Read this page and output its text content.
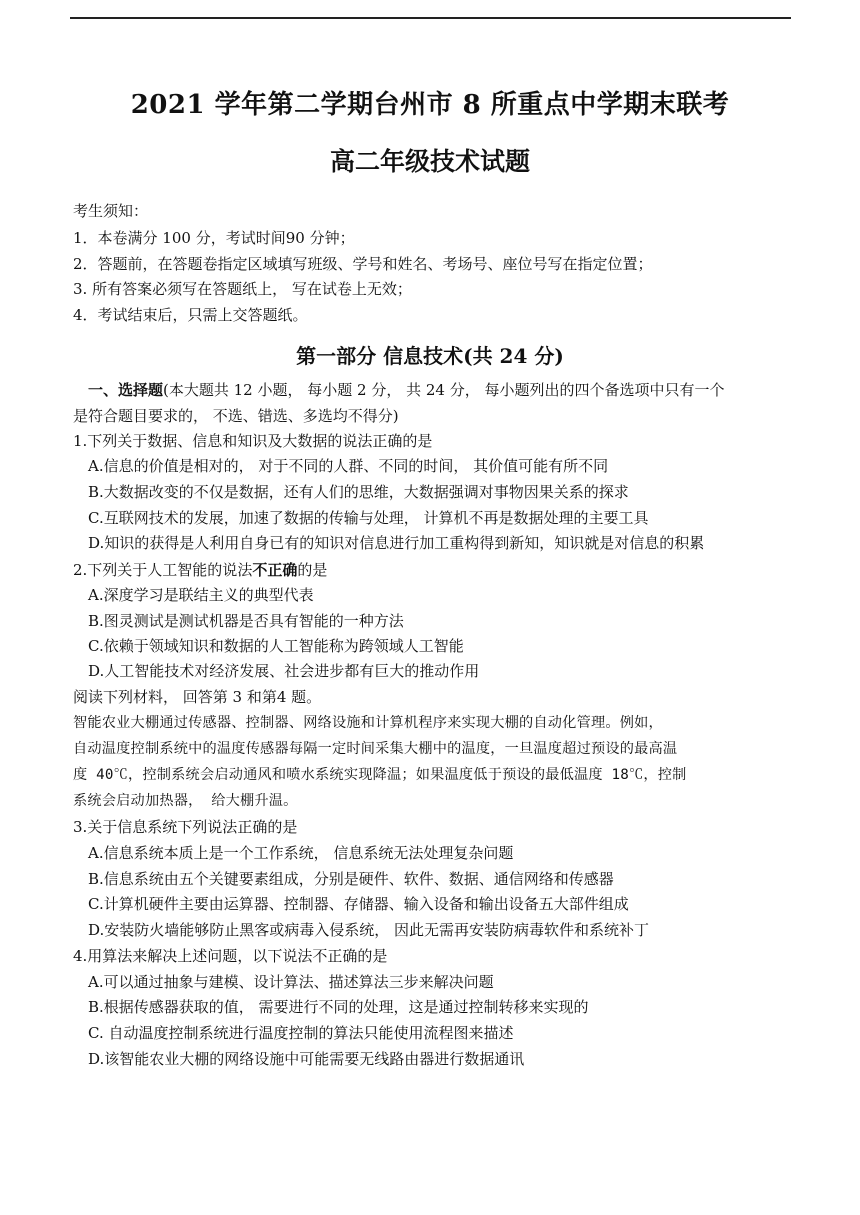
2021 学年第二学期台州市 8 所重点中学期末联考
高二年级技术试题
考生须知：
1．本卷满分 100 分，考试时间90 分钟；
2．答题前，在答题卷指定区域填写班级、学号和姓名、考场号、座位号写在指定位置；
3. 所有答案必须写在答题纸上， 写在试卷上无效；
4．考试结束后，只需上交答题纸。
第一部分 信息技术(共 24 分)
一、选择题(本大题共 12 小题， 每小题 2 分， 共 24 分， 每小题列出的四个备选项中只有一个
是符合题目要求的， 不选、错选、多选均不得分)
1.下列关于数据、信息和知识及大数据的说法正确的是
A.信息的价值是相对的， 对于不同的人群、不同的时间， 其价值可能有所不同
B.大数据改变的不仅是数据，还有人们的思维，大数据强调对事物因果关系的探求
C.互联网技术的发展，加速了数据的传输与处理， 计算机不再是数据处理的主要工具
D.知识的获得是人利用自身已有的知识对信息进行加工重构得到新知，知识就是对信息的积累
2.下列关于人工智能的说法不正确的是
A.深度学习是联结主义的典型代表
B.图灵测试是测试机器是否具有智能的一种方法
C.依赖于领域知识和数据的人工智能称为跨领域人工智能
D.人工智能技术对经济发展、社会进步都有巨大的推动作用
阅读下列材料， 回答第 3 和第4 题。
智能农业大棚通过传感器、控制器、网络设施和计算机程序来实现大棚的自动化管理。例如，
自动温度控制系统中的温度传感器每隔一定时间采集大棚中的温度，一旦温度超过预设的最高温
度 40℃，控制系统会启动通风和喷水系统实现降温；如果温度低于预设的最低温度 18℃，控制
系统会启动加热器， 给大棚升温。
3.关于信息系统下列说法正确的是
A.信息系统本质上是一个工作系统， 信息系统无法处理复杂问题
B.信息系统由五个关键要素组成，分别是硬件、软件、数据、通信网络和传感器
C.计算机硬件主要由运算器、控制器、存储器、输入设备和输出设备五大部件组成
D.安装防火墙能够防止黑客或病毒入侵系统， 因此无需再安装防病毒软件和系统补丁
4.用算法来解决上述问题，以下说法不正确的是
A.可以通过抽象与建模、设计算法、描述算法三步来解决问题
B.根据传感器获取的值， 需要进行不同的处理，这是通过控制转移来实现的
C. 自动温度控制系统进行温度控制的算法只能使用流程图来描述
D.该智能农业大棚的网络设施中可能需要无线路由器进行数据通讯
